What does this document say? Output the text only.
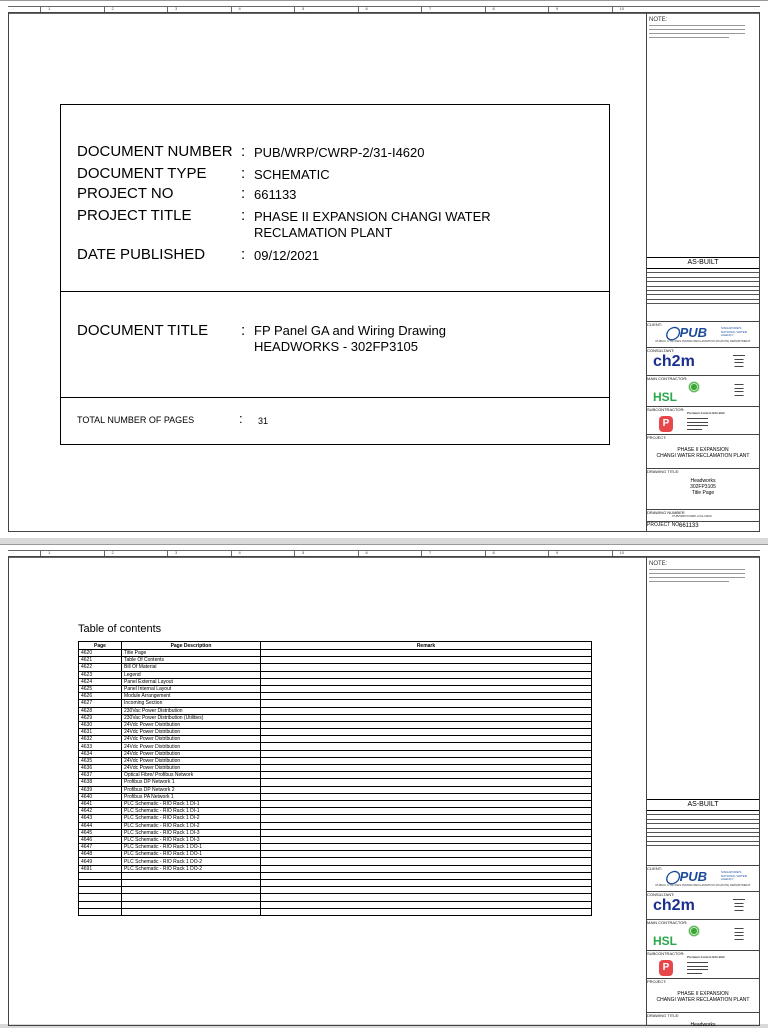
1	2	3	4	5	6	7	8	9	10
DOCUMENT NUMBER : PUB/WRP/CWRP-2/31-I4620
DOCUMENT TYPE : SCHEMATIC
PROJECT NO	: 661133
PROJECT TITLE	: PHASE II EXPANSION CHANGI WATER
RECLAMATION PLANT
DATE PUBLISHED : 09/12/2021
DOCUMENT TITLE : FP Panel GA and Wiring Drawing
HEADWORKS - 302FP3105
TOTAL NUMBER OF PAGES	: 31
NOTE:
AS-BUILT
CLIENT:
◯PUB	SINGAPORE'S NATIONAL WATER AGENCY
PUBLIC UTILITIES WATER RECLAMATION (PLANTS) DEPARTMENT
CONSULTANT:
ch2m	▬▬▬▬
▬▬▬
▬▬▬
▬▬▬
MAIN CONTRACTOR:
HSL
▬▬▬
▬▬▬
▬▬▬
▬▬▬
SUBCONTRACTOR:
P
Premium Control Sdn Bhd
▬▬▬▬▬▬▬
▬▬▬▬▬▬▬
▬▬▬▬▬▬▬
▬▬▬▬▬
PROJECT:
PHASE II EXPANSION
CHANGI WATER RECLAMATION PLANT
DRAWING TITLE:
Headworks
302FP3105
Title Page
DRAWING NUMBER
PUB/WRP/CWRP-2/31-I4620
PROJECT NO:
661133
1	2	3	4	5	6	7	8	9	10
Table of contents
Page	Page Description	Remark
4620	Title Page	
4621	Table Of Contents	
4622	Bill Of Material	
4623	Legend	
4624	Panel External Layout	
4625	Panel Internal Layout	
4626	Module Arrangement	
4627	Incoming Section	
4628	230Vac Power Distribution	
4629	230Vac Power Distribution (Utilities)	
4630	24Vdc Power Distribution	
4631	24Vdc Power Distribution	
4632	24Vdc Power Distribution	
4633	24Vdc Power Distribution	
4634	24Vdc Power Distribution	
4635	24Vdc Power Distribution	
4636	24Vdc Power Distribution	
4637	Optical Fibre/ Profibus Network	
4638	Profibus DP Network 1	
4639	Profibus DP Network 2	
4640	Profibus PA Network 1	
4641	PLC Schematic - RIO Rack 1 DI-1	
4642	PLC Schematic - RIO Rack 1 DI-1	
4643	PLC Schematic - RIO Rack 1 DI-2	
4644	PLC Schematic - RIO Rack 1 DI-2	
4645	PLC Schematic - RIO Rack 1 DI-3	
4646	PLC Schematic - RIO Rack 1 DI-3	
4647	PLC Schematic - RIO Rack 1 DO-1	
4648	PLC Schematic - RIO Rack 1 DO-1	
4649	PLC Schematic - RIO Rack 1 DO-2	
4691	PLC Schematic - RIO Rack 1 DO-2	

NOTE:
AS-BUILT
CLIENT:
◯PUB	SINGAPORE'S NATIONAL WATER AGENCY
PUBLIC UTILITIES WATER RECLAMATION (PLANTS) DEPARTMENT
CONSULTANT:
ch2m	▬▬▬▬
▬▬▬
▬▬▬
▬▬▬
MAIN CONTRACTOR:
HSL
▬▬▬
▬▬▬
▬▬▬
▬▬▬
SUBCONTRACTOR:
P
Premium Control Sdn Bhd
▬▬▬▬▬▬▬
▬▬▬▬▬▬▬
▬▬▬▬▬▬▬
▬▬▬▬▬
PROJECT:
PHASE II EXPANSION
CHANGI WATER RECLAMATION PLANT
DRAWING TITLE:
Headworks
